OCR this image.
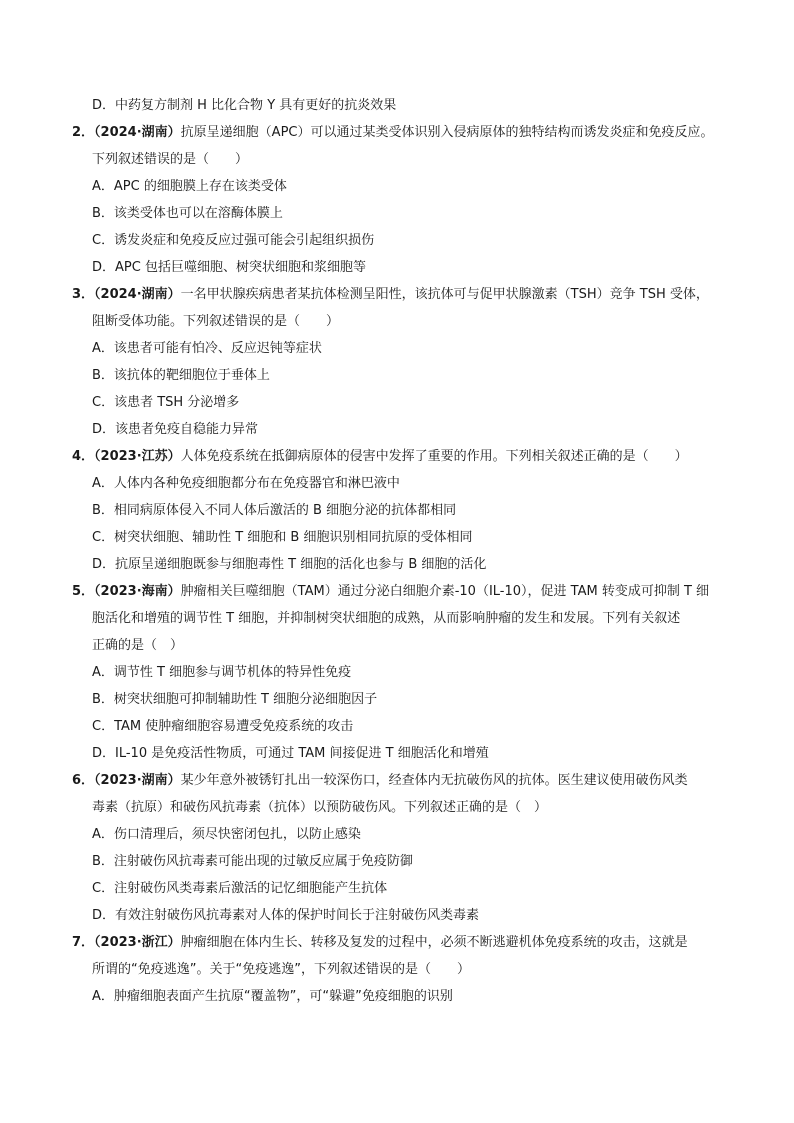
D．中药复方制剂 H 比化合物 Y 具有更好的抗炎效果
2．（2024·湖南）抗原呈递细胞（APC）可以通过某类受体识别入侵病原体的独特结构而诱发炎症和免疫反应。
下列叙述错误的是（　　）
A．APC 的细胞膜上存在该类受体
B．该类受体也可以在溶酶体膜上
C．诱发炎症和免疫反应过强可能会引起组织损伤
D．APC 包括巨噬细胞、树突状细胞和浆细胞等
3．（2024·湖南）一名甲状腺疾病患者某抗体检测呈阳性，该抗体可与促甲状腺激素（TSH）竞争 TSH 受体，
阻断受体功能。下列叙述错误的是（　　）
A．该患者可能有怕冷、反应迟钝等症状
B．该抗体的靶细胞位于垂体上
C．该患者 TSH 分泌增多
D．该患者免疫自稳能力异常
4．（2023·江苏）人体免疫系统在抵御病原体的侵害中发挥了重要的作用。下列相关叙述正确的是（　　）
A．人体内各种免疫细胞都分布在免疫器官和淋巴液中
B．相同病原体侵入不同人体后激活的 B 细胞分泌的抗体都相同
C．树突状细胞、辅助性 T 细胞和 B 细胞识别相同抗原的受体相同
D．抗原呈递细胞既参与细胞毒性 T 细胞的活化也参与 B 细胞的活化
5．（2023·海南）肿瘤相关巨噬细胞（TAM）通过分泌白细胞介素-10（IL-10），促进 TAM 转变成可抑制 T 细
胞活化和增殖的调节性 T 细胞，并抑制树突状细胞的成熟，从而影响肿瘤的发生和发展。下列有关叙述
正确的是（　）
A．调节性 T 细胞参与调节机体的特异性免疫
B．树突状细胞可抑制辅助性 T 细胞分泌细胞因子
C．TAM 使肿瘤细胞容易遭受免疫系统的攻击
D．IL-10 是免疫活性物质，可通过 TAM 间接促进 T 细胞活化和增殖
6．（2023·湖南）某少年意外被锈钉扎出一较深伤口，经查体内无抗破伤风的抗体。医生建议使用破伤风类
毒素（抗原）和破伤风抗毒素（抗体）以预防破伤风。下列叙述正确的是（　）
A．伤口清理后，须尽快密闭包扎，以防止感染
B．注射破伤风抗毒素可能出现的过敏反应属于免疫防御
C．注射破伤风类毒素后激活的记忆细胞能产生抗体
D．有效注射破伤风抗毒素对人体的保护时间长于注射破伤风类毒素
7．（2023·浙江）肿瘤细胞在体内生长、转移及复发的过程中，必须不断逃避机体免疫系统的攻击，这就是
所谓的“免疫逃逸”。关于“免疫逃逸”，下列叙述错误的是（　　）
A．肿瘤细胞表面产生抗原“覆盖物”，可“躲避”免疫细胞的识别
